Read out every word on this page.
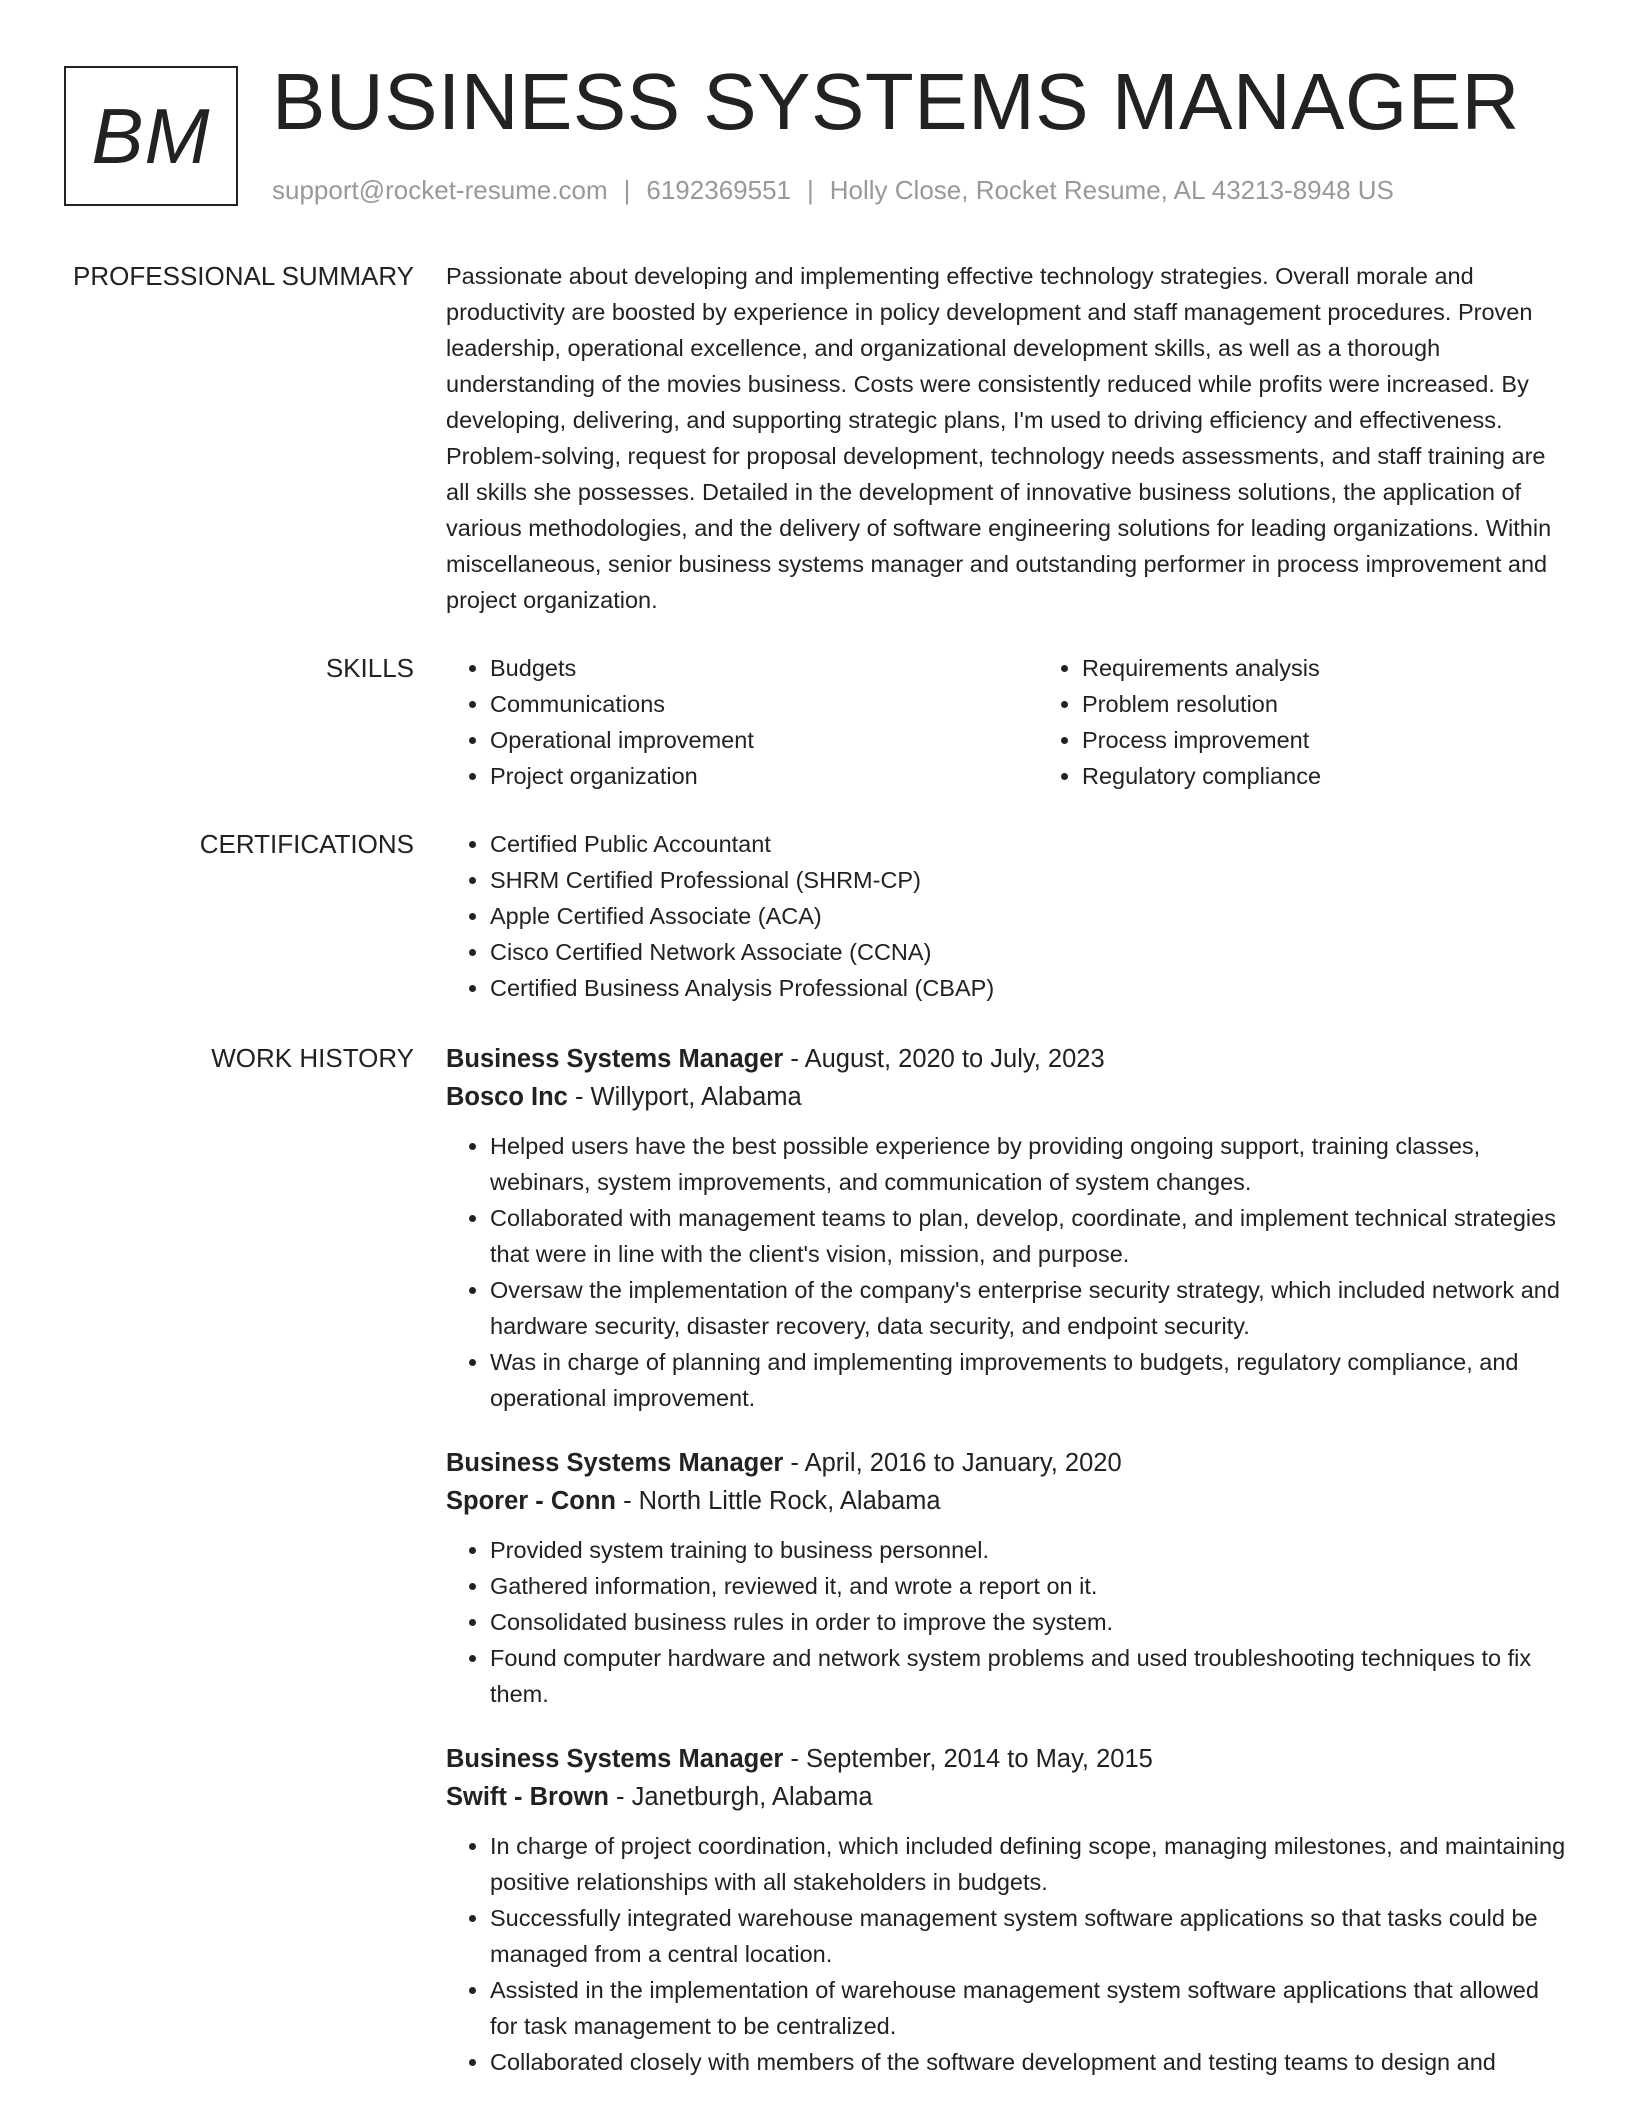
BM BUSINESS SYSTEMS MANAGER
support@rocket-resume.com | 6192369551 | Holly Close, Rocket Resume, AL 43213-8948 US
PROFESSIONAL SUMMARY Passionate about developing and implementing effective technology strategies. Overall morale and productivity are boosted by experience in policy development and staff management procedures. Proven leadership, operational excellence, and organizational development skills, as well as a thorough understanding of the movies business. Costs were consistently reduced while profits were increased. By developing, delivering, and supporting strategic plans, I'm used to driving efficiency and effectiveness. Problem-solving, request for proposal development, technology needs assessments, and staff training are all skills she possesses. Detailed in the development of innovative business solutions, the application of various methodologies, and the delivery of software engineering solutions for leading organizations. Within miscellaneous, senior business systems manager and outstanding performer in process improvement and project organization.
SKILLS	• Budgets
• Communications
• Operational improvement
• Project organization
• Requirements analysis
• Problem resolution
• Process improvement
• Regulatory compliance
CERTIFICATIONS	• Certified Public Accountant
• SHRM Certified Professional (SHRM-CP)
• Apple Certified Associate (ACA)
• Cisco Certified Network Associate (CCNA)
• Certified Business Analysis Professional (CBAP)
WORK HISTORY Business Systems Manager - August, 2020 to July, 2023
Bosco Inc - Willyport, Alabama
• Helped users have the best possible experience by providing ongoing support, training classes, webinars, system improvements, and communication of system changes.
• Collaborated with management teams to plan, develop, coordinate, and implement technical strategies that were in line with the client's vision, mission, and purpose.
• Oversaw the implementation of the company's enterprise security strategy, which included network and hardware security, disaster recovery, data security, and endpoint security.
• Was in charge of planning and implementing improvements to budgets, regulatory compliance, and operational improvement.
Business Systems Manager - April, 2016 to January, 2020
Sporer - Conn - North Little Rock, Alabama
• Provided system training to business personnel.
• Gathered information, reviewed it, and wrote a report on it.
• Consolidated business rules in order to improve the system.
• Found computer hardware and network system problems and used troubleshooting techniques to fix them.
Business Systems Manager - September, 2014 to May, 2015
Swift - Brown - Janetburgh, Alabama
• In charge of project coordination, which included defining scope, managing milestones, and maintaining positive relationships with all stakeholders in budgets.
• Successfully integrated warehouse management system software applications so that tasks could be managed from a central location.
• Assisted in the implementation of warehouse management system software applications that allowed for task management to be centralized.
• Collaborated closely with members of the software development and testing teams to design and
